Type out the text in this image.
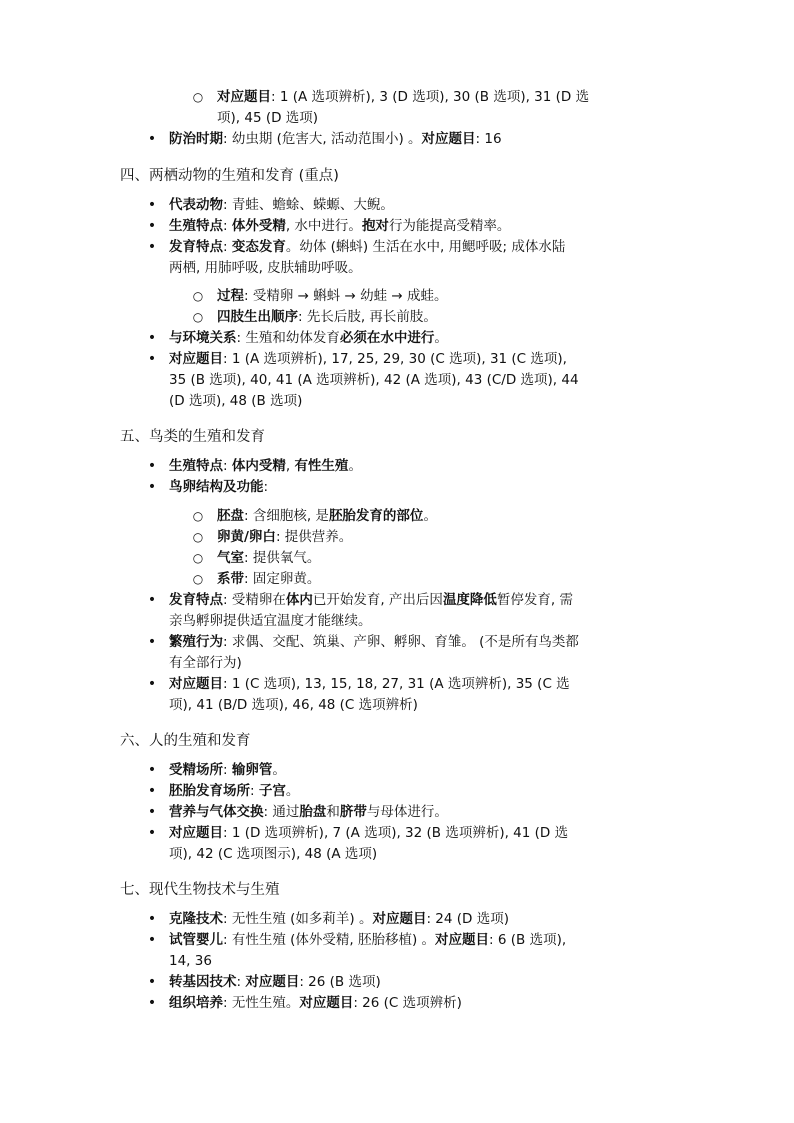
○ 对应题目: 1 (A 选项辨析), 3 (D 选项), 30 (B 选项), 31 (D 选
项), 45 (D 选项)
• 防治时期: 幼虫期 (危害大, 活动范围小) 。对应题目: 16
四、两栖动物的生殖和发育 (重点)
• 代表动物: 青蛙、蟾蜍、蝾螈、大鲵。
• 生殖特点: 体外受精, 水中进行。抱对行为能提高受精率。
• 发育特点: 变态发育。幼体 (蝌蚪) 生活在水中, 用鳃呼吸; 成体水陆
两栖, 用肺呼吸, 皮肤辅助呼吸。
○ 过程: 受精卵 → 蝌蚪 → 幼蛙 → 成蛙。
○ 四肢生出顺序: 先长后肢, 再长前肢。
• 与环境关系: 生殖和幼体发育必须在水中进行。
• 对应题目: 1 (A 选项辨析), 17, 25, 29, 30 (C 选项), 31 (C 选项),
35 (B 选项), 40, 41 (A 选项辨析), 42 (A 选项), 43 (C/D 选项), 44
(D 选项), 48 (B 选项)
五、鸟类的生殖和发育
• 生殖特点: 体内受精, 有性生殖。
• 鸟卵结构及功能:
○ 胚盘: 含细胞核, 是胚胎发育的部位。
○ 卵黄/卵白: 提供营养。
○ 气室: 提供氧气。
○ 系带: 固定卵黄。
• 发育特点: 受精卵在体内已开始发育, 产出后因温度降低暂停发育, 需
亲鸟孵卵提供适宜温度才能继续。
• 繁殖行为: 求偶、交配、筑巢、产卵、孵卵、育雏。 (不是所有鸟类都
有全部行为)
• 对应题目: 1 (C 选项), 13, 15, 18, 27, 31 (A 选项辨析), 35 (C 选
项), 41 (B/D 选项), 46, 48 (C 选项辨析)
六、人的生殖和发育
• 受精场所: 输卵管。
• 胚胎发育场所: 子宫。
• 营养与气体交换: 通过胎盘和脐带与母体进行。
• 对应题目: 1 (D 选项辨析), 7 (A 选项), 32 (B 选项辨析), 41 (D 选
项), 42 (C 选项图示), 48 (A 选项)
七、现代生物技术与生殖
• 克隆技术: 无性生殖 (如多莉羊) 。对应题目: 24 (D 选项)
• 试管婴儿: 有性生殖 (体外受精, 胚胎移植) 。对应题目: 6 (B 选项),
14, 36
• 转基因技术: 对应题目: 26 (B 选项)
• 组织培养: 无性生殖。对应题目: 26 (C 选项辨析)
